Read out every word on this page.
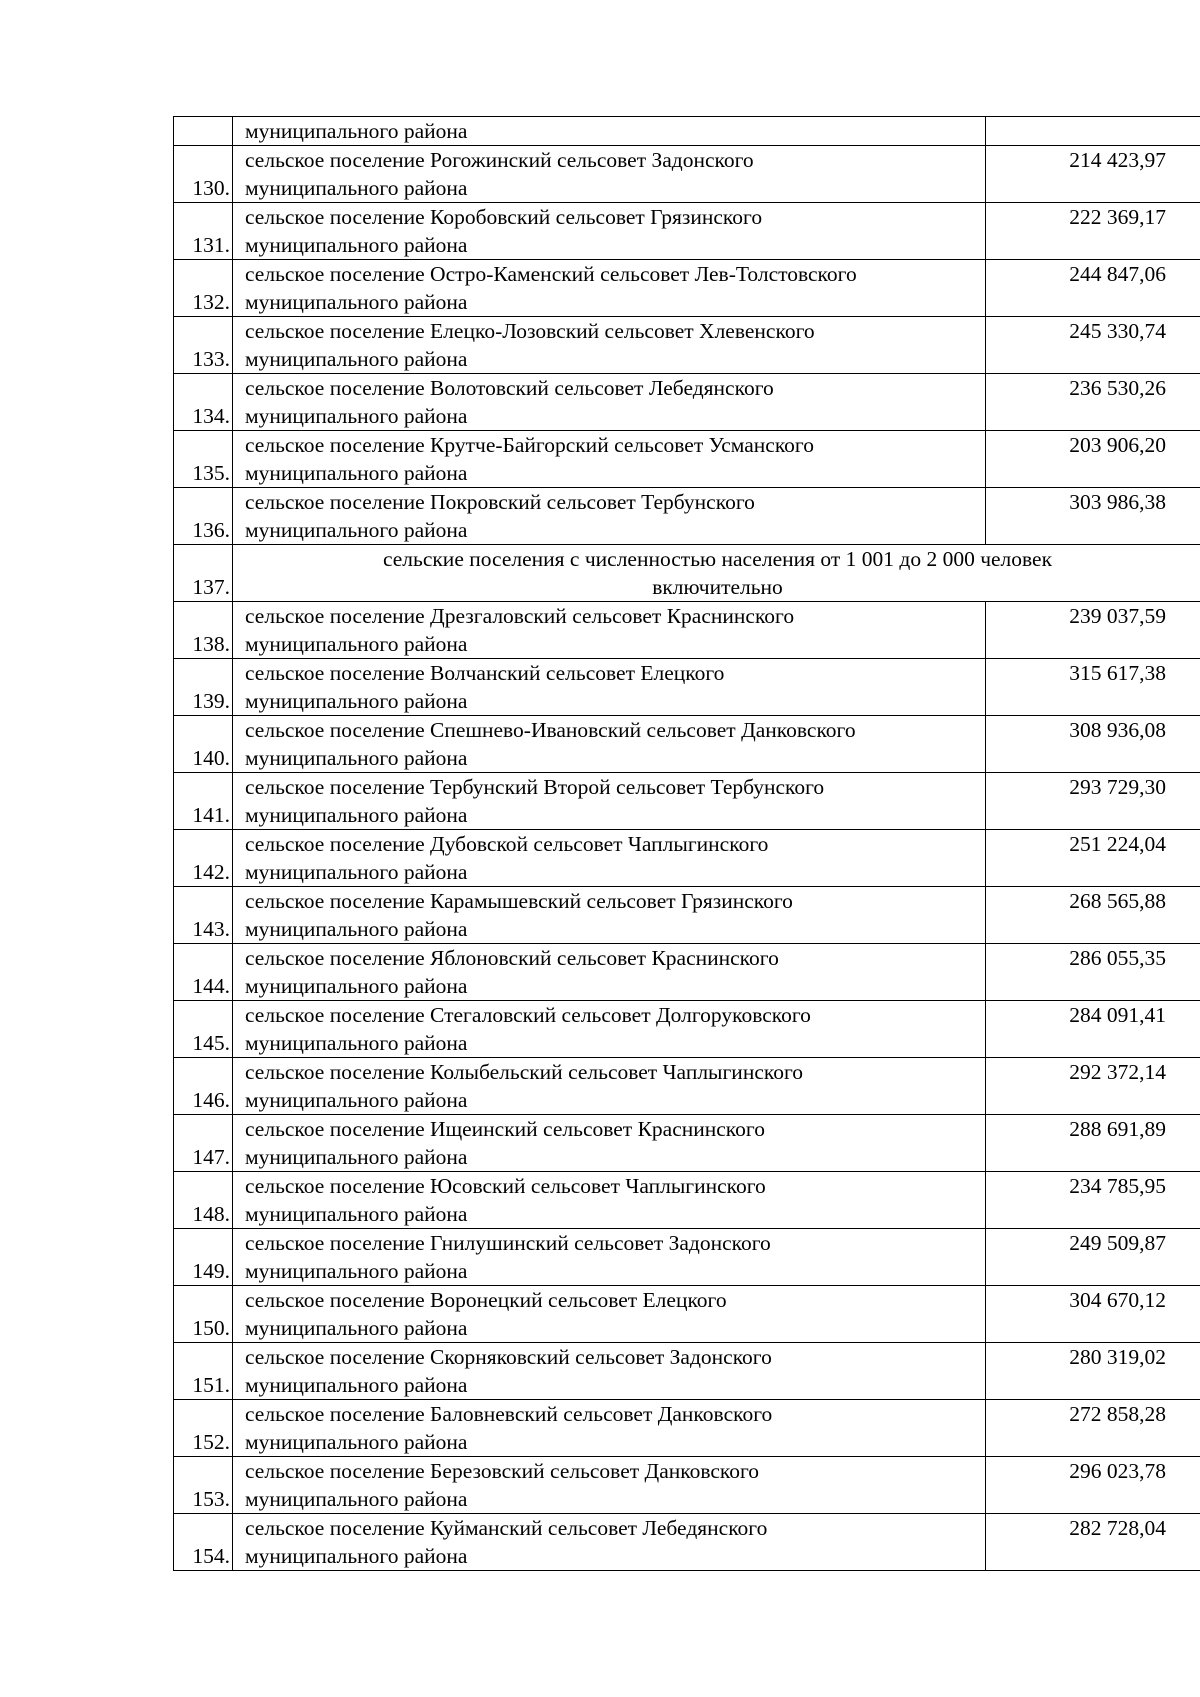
	муниципального района	

130.	сельское поселение Рогожинский сельсовет Задонского
муниципального района	214 423,97
131.	сельское поселение Коробовский сельсовет Грязинского
муниципального района	222 369,17
132.	сельское поселение Остро-Каменский сельсовет Лев-Толстовского
муниципального района	244 847,06
133.	сельское поселение Елецко-Лозовский сельсовет Хлевенского
муниципального района	245 330,74
134.	сельское поселение Волотовский сельсовет Лебедянского
муниципального района	236 530,26
135.	сельское поселение Крутче-Байгорский сельсовет Усманского
муниципального района	203 906,20
136.	сельское поселение Покровский сельсовет Тербунского
муниципального района	303 986,38
137.	сельские поселения с численностью населения от 1 001 до 2 000 человек
включительно	

138.	сельское поселение Дрезгаловский сельсовет Краснинского
муниципального района	239 037,59
139.	сельское поселение Волчанский сельсовет Елецкого
муниципального района	315 617,38
140.	сельское поселение Спешнево-Ивановский сельсовет Данковского
муниципального района	308 936,08
141.	сельское поселение Тербунский Второй сельсовет Тербунского
муниципального района	293 729,30
142.	сельское поселение Дубовской сельсовет Чаплыгинского
муниципального района	251 224,04
143.	сельское поселение Карамышевский сельсовет Грязинского
муниципального района	268 565,88
144.	сельское поселение Яблоновский сельсовет Краснинского
муниципального района	286 055,35
145.	сельское поселение Стегаловский сельсовет Долгоруковского
муниципального района	284 091,41
146.	сельское поселение Колыбельский сельсовет Чаплыгинского
муниципального района	292 372,14
147.	сельское поселение Ищеинский сельсовет Краснинского
муниципального района	288 691,89
148.	сельское поселение Юсовский сельсовет Чаплыгинского
муниципального района	234 785,95
149.	сельское поселение Гнилушинский сельсовет Задонского
муниципального района	249 509,87
150.	сельское поселение Воронецкий сельсовет Елецкого
муниципального района	304 670,12
151.	сельское поселение Скорняковский сельсовет Задонского
муниципального района	280 319,02
152.	сельское поселение Баловневский сельсовет Данковского
муниципального района	272 858,28
153.	сельское поселение Березовский сельсовет Данковского
муниципального района	296 023,78
154.	сельское поселение Куйманский сельсовет Лебедянского
муниципального района	282 728,04
